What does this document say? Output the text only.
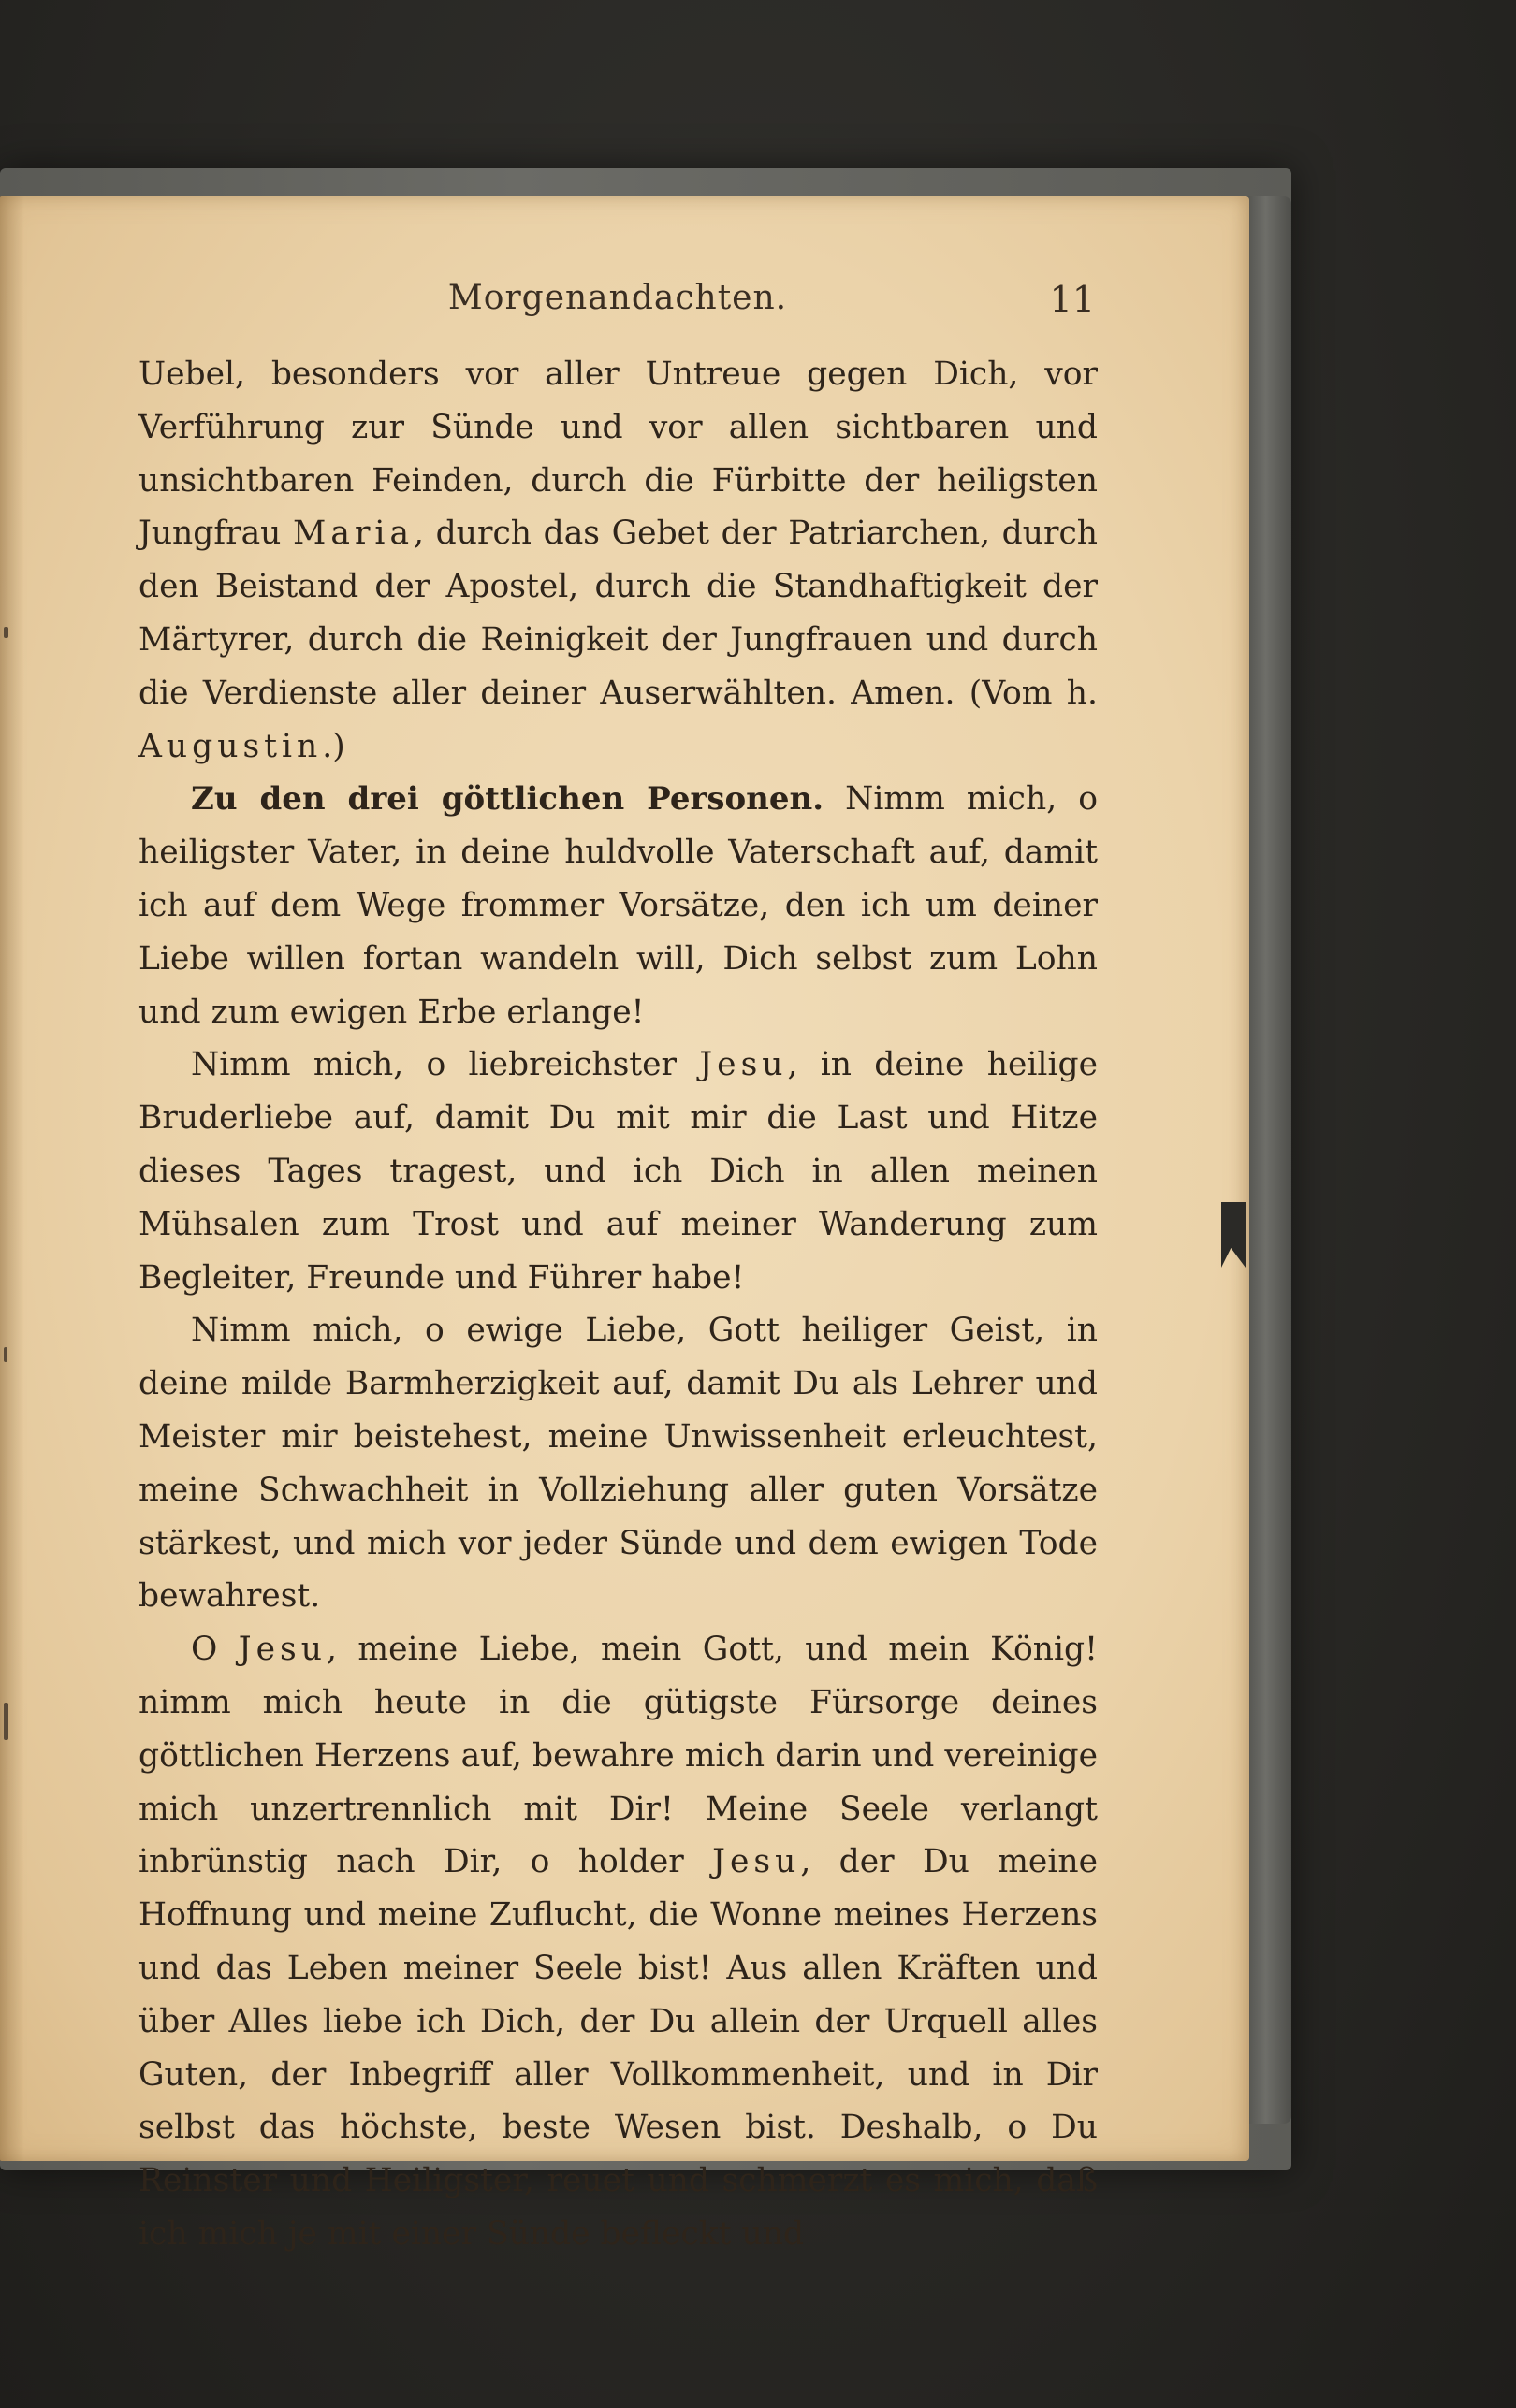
Morgenandachten.	11

Uebel, besonders vor aller Untreue gegen Dich, vor Verführung zur Sünde und vor allen sichtbaren und unsichtbaren Feinden, durch die Fürbitte der heiligsten Jungfrau Maria, durch das Gebet der Patriarchen, durch den Beistand der Apostel, durch die Standhaftigkeit der Märtyrer, durch die Reinigkeit der Jungfrauen und durch die Verdienste aller deiner Auserwählten. Amen. (Vom h. Augustin.)

Zu den drei göttlichen Personen. Nimm mich, o heiligster Vater, in deine huldvolle Vaterschaft auf, damit ich auf dem Wege frommer Vorsätze, den ich um deiner Liebe willen fortan wandeln will, Dich selbst zum Lohn und zum ewigen Erbe erlange!

Nimm mich, o liebreichster Jesu, in deine heilige Bruderliebe auf, damit Du mit mir die Last und Hitze dieses Tages tragest, und ich Dich in allen meinen Mühsalen zum Trost und auf meiner Wanderung zum Begleiter, Freunde und Führer habe!

Nimm mich, o ewige Liebe, Gott heiliger Geist, in deine milde Barmherzigkeit auf, damit Du als Lehrer und Meister mir beistehest, meine Unwissenheit erleuchtest, meine Schwachheit in Vollziehung aller guten Vorsätze stärkest, und mich vor jeder Sünde und dem ewigen Tode bewahrest.

O Jesu, meine Liebe, mein Gott, und mein König! nimm mich heute in die gütigste Fürsorge deines göttlichen Herzens auf, bewahre mich darin und vereinige mich unzertrennlich mit Dir! Meine Seele verlangt inbrünstig nach Dir, o holder Jesu, der Du meine Hoffnung und meine Zuflucht, die Wonne meines Herzens und das Leben meiner Seele bist! Aus allen Kräften und über Alles liebe ich Dich, der Du allein der Urquell alles Guten, der Inbegriff aller Vollkommenheit, und in Dir selbst das höchste, beste Wesen bist. Deshalb, o Du Reinster und Heiligster, reuet und schmerzt es mich, daß ich mich je mit einer Sünde befleckt und
